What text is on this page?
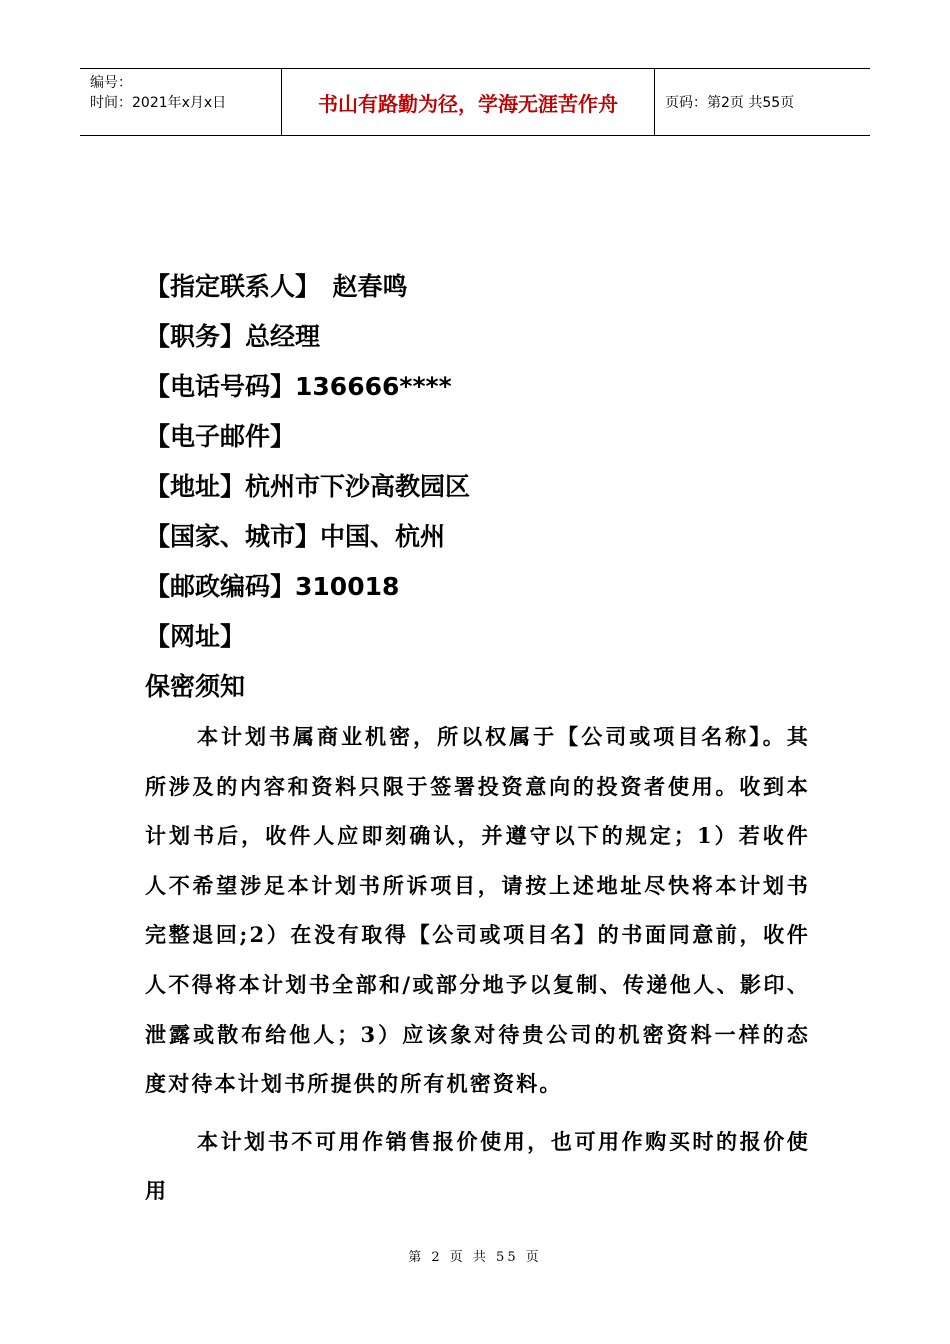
编号：
时间：2021年x月x日	书山有路勤为径，学海无涯苦作舟	页码：第2页 共55页
【指定联系人】　赵春鸣
【职务】总经理
【电话号码】136666****
【电子邮件】
【地址】杭州市下沙高教园区
【国家、城市】中国、杭州
【邮政编码】310018
【网址】
保密须知

本计划书属商业机密，所以权属于【公司或项目名称】。其所涉及的内容和资料只限于签署投资意向的投资者使用。收到本计划书后，收件人应即刻确认，并遵守以下的规定；1）若收件人不希望涉足本计划书所诉项目，请按上述地址尽快将本计划书完整退回;2）在没有取得【公司或项目名】的书面同意前，收件人不得将本计划书全部和/或部分地予以复制、传递他人、影印、泄露或散布给他人；3）应该象对待贵公司的机密资料一样的态度对待本计划书所提供的所有机密资料。

本计划书不可用作销售报价使用，也可用作购买时的报价使用

第 2 页 共 55 页
